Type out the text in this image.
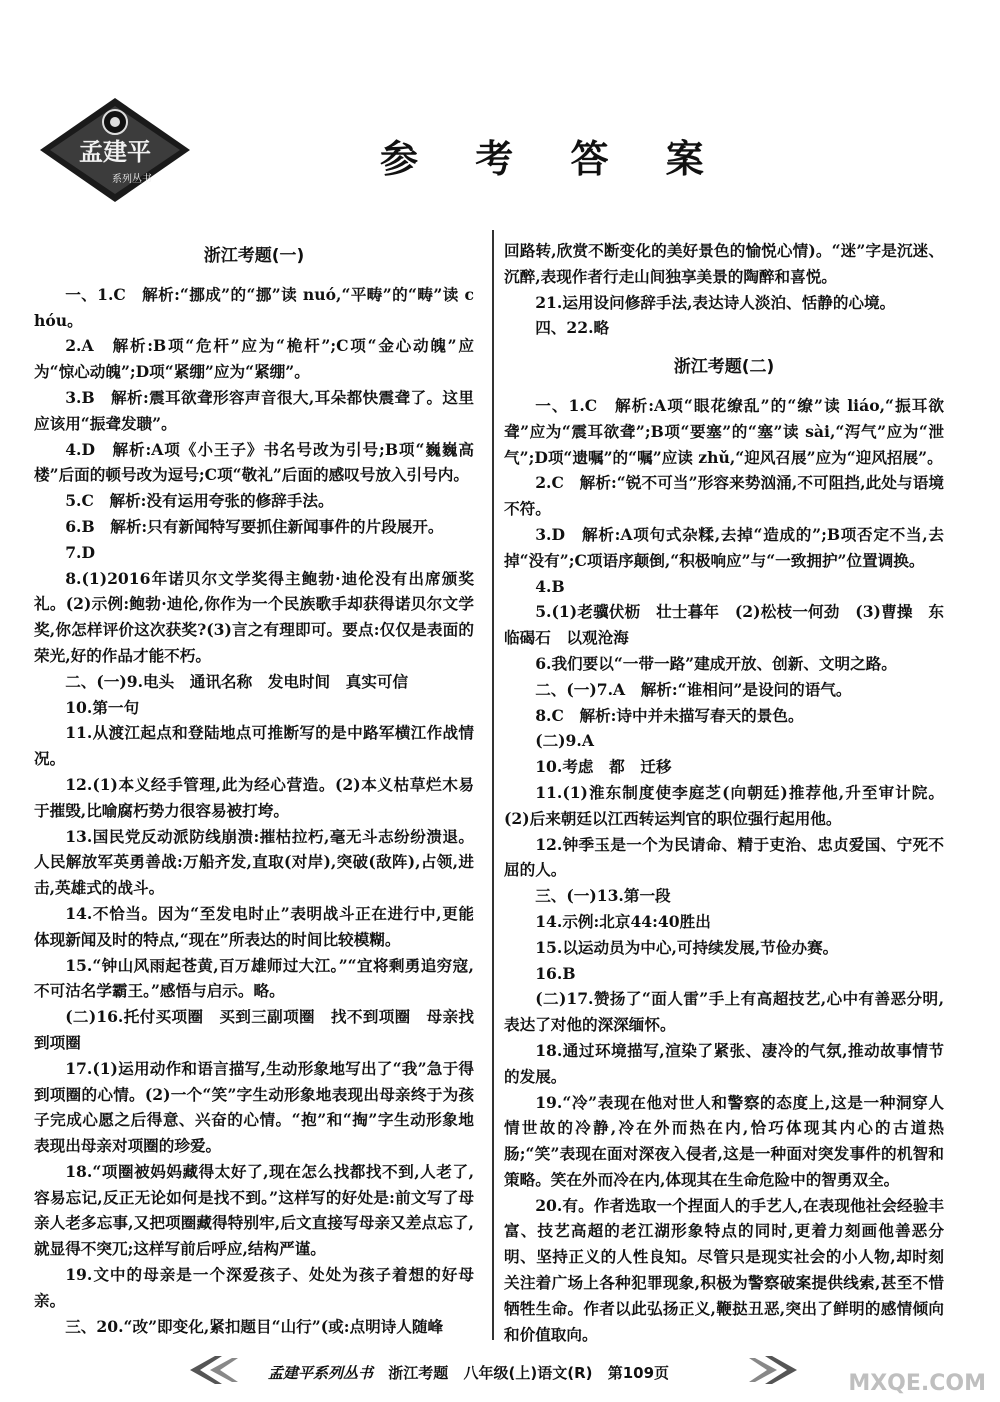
孟建平
系列丛书	参 考 答 案
浙江考题(一)

一、1.C　解析:“挪成”的“挪”读 nuó,“平畴”的“畴”读 chóu。

2.A　解析:B项“危杆”应为“桅杆”;C项“金心动魄”应为“惊心动魄”;D项“紧绷”应为“紧绷”。

3.B　解析:震耳欲聋形容声音很大,耳朵都快震聋了。这里应该用“振聋发聩”。

4.D　解析:A项《小王子》书名号改为引号;B项“巍巍高楼”后面的顿号改为逗号;C项“敬礼”后面的感叹号放入引号内。

5.C　解析:没有运用夸张的修辞手法。

6.B　解析:只有新闻特写要抓住新闻事件的片段展开。

7.D

8.(1)2016年诺贝尔文学奖得主鲍勃·迪伦没有出席颁奖礼。(2)示例:鲍勃·迪伦,你作为一个民族歌手却获得诺贝尔文学奖,你怎样评价这次获奖?(3)言之有理即可。要点:仅仅是表面的荣光,好的作品才能不朽。

二、(一)9.电头　通讯名称　发电时间　真实可信

10.第一句

11.从渡江起点和登陆地点可推断写的是中路军横江作战情况。

12.(1)本义经手管理,此为经心营造。(2)本义枯草烂木易于摧毁,比喻腐朽势力很容易被打垮。

13.国民党反动派防线崩溃:摧枯拉朽,毫无斗志纷纷溃退。人民解放军英勇善战:万船齐发,直取(对岸),突破(敌阵),占领,进击,英雄式的战斗。

14.不恰当。因为“至发电时止”表明战斗正在进行中,更能体现新闻及时的特点,“现在”所表达的时间比较模糊。

15.“钟山风雨起苍黄,百万雄师过大江。”“宜将剩勇追穷寇,不可沽名学霸王。”感悟与启示。略。

(二)16.托付买项圈　买到三副项圈　找不到项圈　母亲找到项圈

17.(1)运用动作和语言描写,生动形象地写出了“我”急于得到项圈的心情。(2)一个“笑”字生动形象地表现出母亲终于为孩子完成心愿之后得意、兴奋的心情。“抱”和“掏”字生动形象地表现出母亲对项圈的珍爱。

18.“项圈被妈妈藏得太好了,现在怎么找都找不到,人老了,容易忘记,反正无论如何是找不到。”这样写的好处是:前文写了母亲人老多忘事,又把项圈藏得特别牢,后文直接写母亲又差点忘了,就显得不突兀;这样写前后呼应,结构严谨。

19.文中的母亲是一个深爱孩子、处处为孩子着想的好母亲。

三、20.“改”即变化,紧扣题目“山行”(或:点明诗人随峰

回路转,欣赏不断变化的美好景色的愉悦心情)。“迷”字是沉迷、沉醉,表现作者行走山间独享美景的陶醉和喜悦。

21.运用设问修辞手法,表达诗人淡泊、恬静的心境。

四、22.略

浙江考题(二)

一、1.C　解析:A项“眼花缭乱”的“缭”读 liáo,“振耳欲聋”应为“震耳欲聋”;B项“要塞”的“塞”读 sài,“泻气”应为“泄气”;D项“遗嘱”的“嘱”应读 zhǔ,“迎风召展”应为“迎风招展”。

2.C　解析:“锐不可当”形容来势汹涌,不可阻挡,此处与语境不符。

3.D　解析:A项句式杂糅,去掉“造成的”;B项否定不当,去掉“没有”;C项语序颠倒,“积极响应”与“一致拥护”位置调换。

4.B

5.(1)老骥伏枥　壮士暮年　(2)松枝一何劲　(3)曹操　东临碣石　以观沧海

6.我们要以“一带一路”建成开放、创新、文明之路。

二、(一)7.A　解析:“谁相问”是设问的语气。

8.C　解析:诗中并未描写春天的景色。

(二)9.A

10.考虑　都　迁移

11.(1)淮东制度使李庭芝(向朝廷)推荐他,升至审计院。(2)后来朝廷以江西转运判官的职位强行起用他。

12.钟季玉是一个为民请命、精于吏治、忠贞爱国、宁死不屈的人。

三、(一)13.第一段

14.示例:北京44:40胜出

15.以运动员为中心,可持续发展,节俭办赛。

16.B

(二)17.赞扬了“面人雷”手上有高超技艺,心中有善恶分明,表达了对他的深深缅怀。

18.通过环境描写,渲染了紧张、凄冷的气氛,推动故事情节的发展。

19.“冷”表现在他对世人和警察的态度上,这是一种洞穿人情世故的冷静,冷在外而热在内,恰巧体现其内心的古道热肠;“笑”表现在面对深夜入侵者,这是一种面对突发事件的机智和策略。笑在外而冷在内,体现其在生命危险中的智勇双全。

20.有。作者选取一个捏面人的手艺人,在表现他社会经验丰富、技艺高超的老江湖形象特点的同时,更着力刻画他善恶分明、坚持正义的人性良知。尽管只是现实社会的小人物,却时刻关注着广场上各种犯罪现象,积极为警察破案提供线索,甚至不惜牺牲生命。作者以此弘扬正义,鞭挞丑恶,突出了鲜明的感情倾向和价值取向。

孟建平系列丛书 浙江考题 八年级(上)语文(R) 第109页	MXQE.COM
